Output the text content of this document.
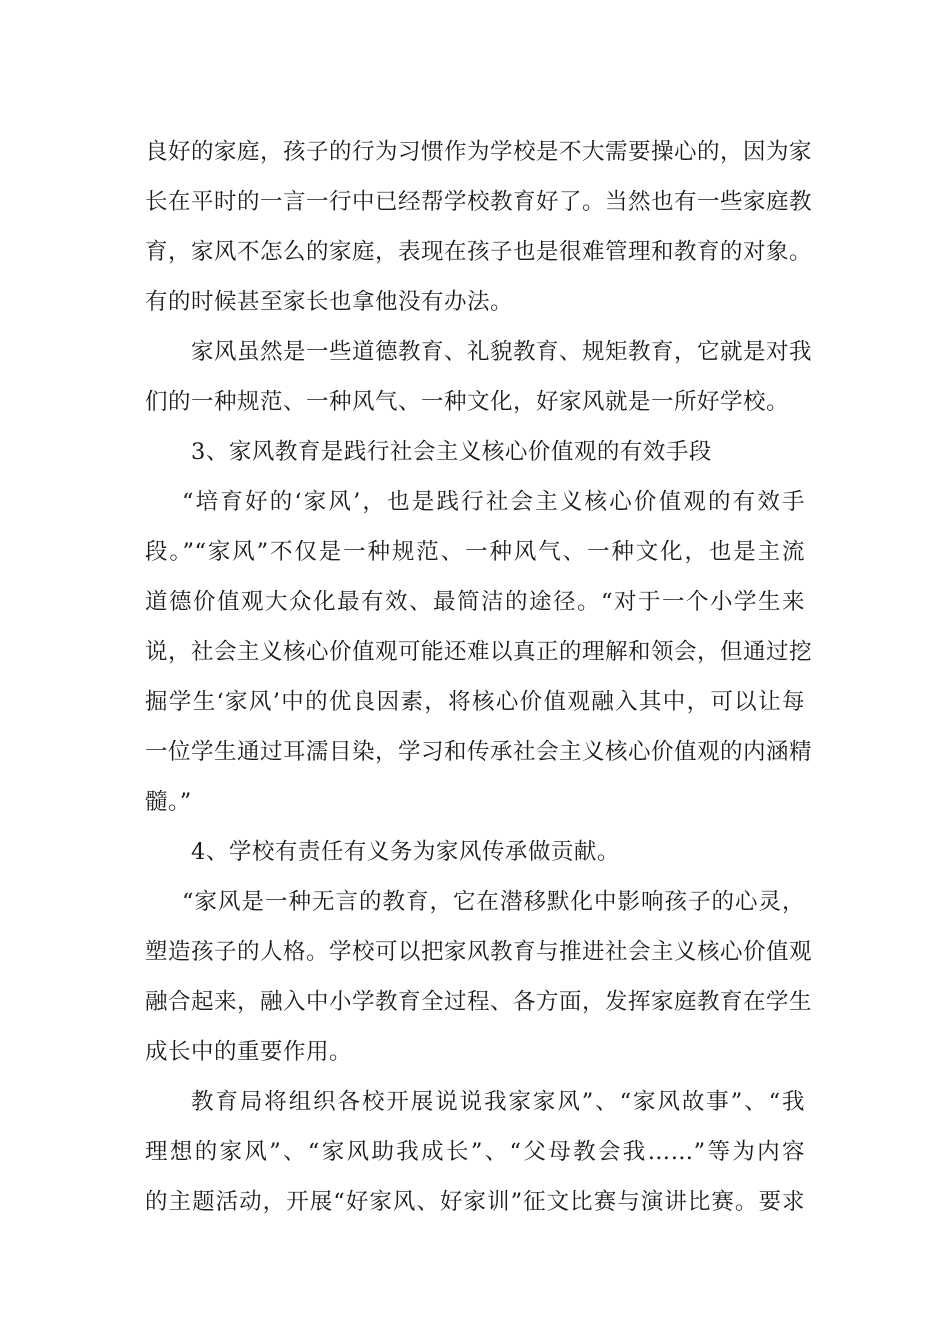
良好的家庭，孩子的行为习惯作为学校是不大需要操心的，因为家
长在平时的一言一行中已经帮学校教育好了。当然也有一些家庭教
育，家风不怎么的家庭，表现在孩子也是很难管理和教育的对象。
有的时候甚至家长也拿他没有办法。
家风虽然是一些道德教育、礼貌教育、规矩教育，它就是对我
们的一种规范、一种风气、一种文化，好家风就是一所好学校。
3、家风教育是践行社会主义核心价值观的有效手段
“培育好的‘家风’，也是践行社会主义核心价值观的有效手
段。”“家风”不仅是一种规范、一种风气、一种文化，也是主流
道德价值观大众化最有效、最简洁的途径。“对于一个小学生来
说，社会主义核心价值观可能还难以真正的理解和领会，但通过挖
掘学生‘家风’中的优良因素，将核心价值观融入其中，可以让每
一位学生通过耳濡目染，学习和传承社会主义核心价值观的内涵精
髓。”
4、学校有责任有义务为家风传承做贡献。
“家风是一种无言的教育，它在潜移默化中影响孩子的心灵，
塑造孩子的人格。学校可以把家风教育与推进社会主义核心价值观
融合起来，融入中小学教育全过程、各方面，发挥家庭教育在学生
成长中的重要作用。
教育局将组织各校开展说说我家家风”、“家风故事”、“我
理想的家风”、“家风助我成长”、“父母教会我……”等为内容
的主题活动，开展“好家风、好家训”征文比赛与演讲比赛。要求
